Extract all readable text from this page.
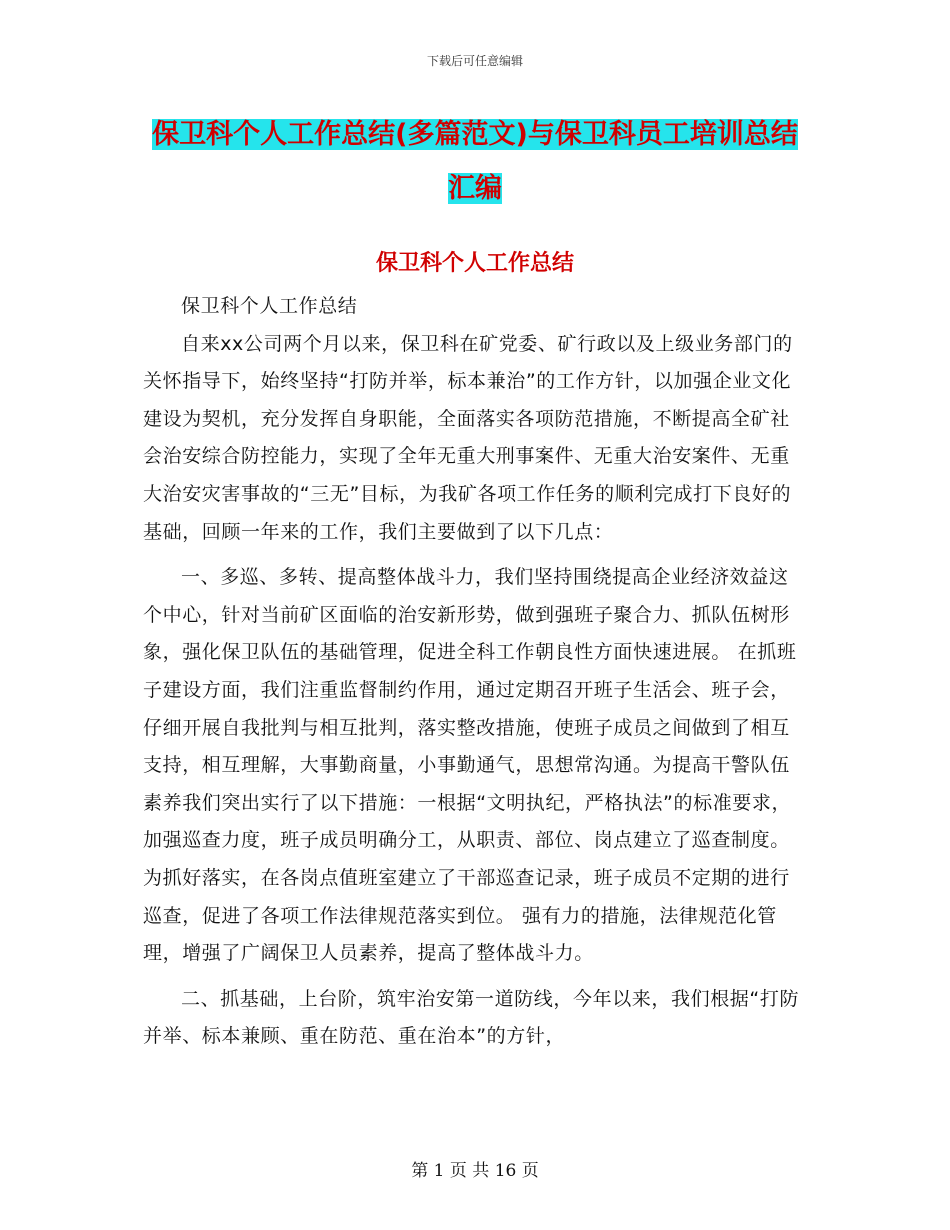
下载后可任意编辑
保卫科个人工作总结(多篇范文)与保卫科员工培训总结汇编
保卫科个人工作总结

保卫科个人工作总结

自来xx公司两个月以来，保卫科在矿党委、矿行政以及上级业务部门的关怀指导下，始终坚持“打防并举，标本兼治”的工作方针，以加强企业文化建设为契机，充分发挥自身职能，全面落实各项防范措施，不断提高全矿社会治安综合防控能力，实现了全年无重大刑事案件、无重大治安案件、无重大治安灾害事故的“三无”目标，为我矿各项工作任务的顺利完成打下良好的基础，回顾一年来的工作，我们主要做到了以下几点：

一、多巡、多转、提高整体战斗力，我们坚持围绕提高企业经济效益这个中心，针对当前矿区面临的治安新形势，做到强班子聚合力、抓队伍树形象，强化保卫队伍的基础管理，促进全科工作朝良性方面快速进展。 在抓班子建设方面，我们注重监督制约作用，通过定期召开班子生活会、班子会，仔细开展自我批判与相互批判，落实整改措施，使班子成员之间做到了相互支持，相互理解，大事勤商量，小事勤通气，思想常沟通。为提高干警队伍素养我们突出实行了以下措施：一根据“文明执纪，严格执法”的标准要求，加强巡查力度，班子成员明确分工，从职责、部位、岗点建立了巡查制度。为抓好落实，在各岗点值班室建立了干部巡查记录，班子成员不定期的进行巡查，促进了各项工作法律规范落实到位。 强有力的措施，法律规范化管理，增强了广阔保卫人员素养，提高了整体战斗力。

二、抓基础，上台阶，筑牢治安第一道防线，今年以来，我们根据“打防并举、标本兼顾、重在防范、重在治本”的方针，

第 1 页 共 16 页
